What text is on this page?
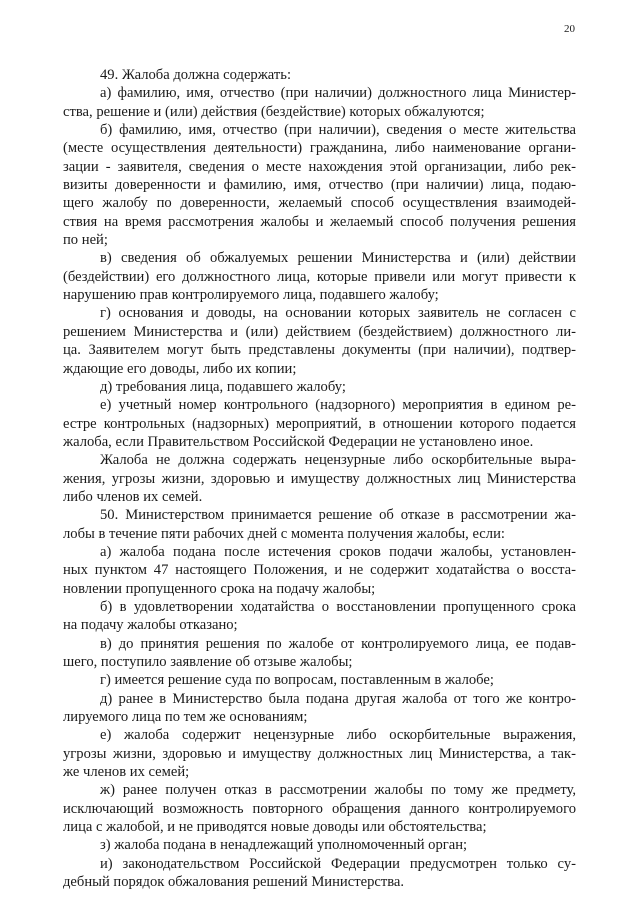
20
49. Жалоба должна содержать:
а) фамилию, имя, отчество (при наличии) должностного лица Министер-
ства, решение и (или) действия (бездействие) которых обжалуются;
б) фамилию, имя, отчество (при наличии), сведения о месте жительства
(месте осуществления деятельности) гражданина, либо наименование органи-
зации - заявителя, сведения о месте нахождения этой организации, либо рек-
визиты доверенности и фамилию, имя, отчество (при наличии) лица, подаю-
щего жалобу по доверенности, желаемый способ осуществления взаимодей-
ствия на время рассмотрения жалобы и желаемый способ получения решения
по ней;
в) сведения об обжалуемых решении Министерства и (или) действии
(бездействии) его должностного лица, которые привели или могут привести к
нарушению прав контролируемого лица, подавшего жалобу;
г) основания и доводы, на основании которых заявитель не согласен с
решением Министерства и (или) действием (бездействием) должностного ли-
ца. Заявителем могут быть представлены документы (при наличии), подтвер-
ждающие его доводы, либо их копии;
д) требования лица, подавшего жалобу;
е) учетный номер контрольного (надзорного) мероприятия в едином ре-
естре контрольных (надзорных) мероприятий, в отношении которого подается
жалоба, если Правительством Российской Федерации не установлено иное.
Жалоба не должна содержать нецензурные либо оскорбительные выра-
жения, угрозы жизни, здоровью и имуществу должностных лиц Министерства
либо членов их семей.
50. Министерством принимается решение об отказе в рассмотрении жа-
лобы в течение пяти рабочих дней с момента получения жалобы, если:
а) жалоба подана после истечения сроков подачи жалобы, установлен-
ных пунктом 47 настоящего Положения, и не содержит ходатайства о восста-
новлении пропущенного срока на подачу жалобы;
б) в удовлетворении ходатайства о восстановлении пропущенного срока
на подачу жалобы отказано;
в) до принятия решения по жалобе от контролируемого лица, ее подав-
шего, поступило заявление об отзыве жалобы;
г) имеется решение суда по вопросам, поставленным в жалобе;
д) ранее в Министерство была подана другая жалоба от того же контро-
лируемого лица по тем же основаниям;
е) жалоба содержит нецензурные либо оскорбительные выражения,
угрозы жизни, здоровью и имуществу должностных лиц Министерства, а так-
же членов их семей;
ж) ранее получен отказ в рассмотрении жалобы по тому же предмету,
исключающий возможность повторного обращения данного контролируемого
лица с жалобой, и не приводятся новые доводы или обстоятельства;
з) жалоба подана в ненадлежащий уполномоченный орган;
и) законодательством Российской Федерации предусмотрен только су-
дебный порядок обжалования решений Министерства.
